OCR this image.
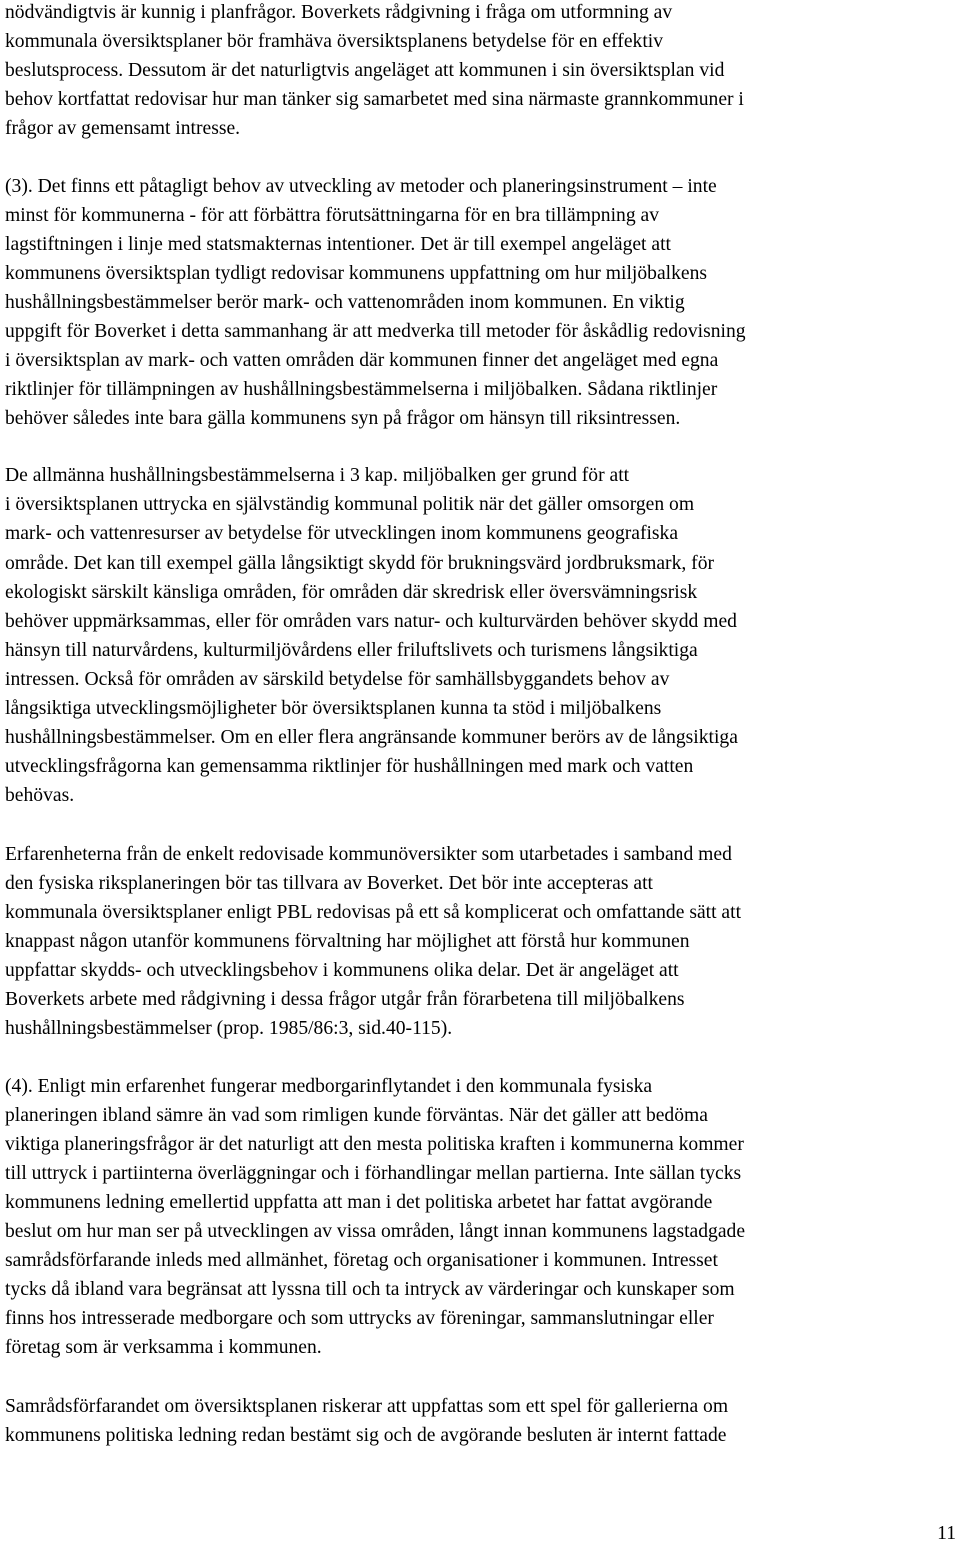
nödvändigtvis är kunnig i planfrågor. Boverkets rådgivning i fråga om utformning av
kommunala översiktsplaner bör framhäva översiktsplanens betydelse för en effektiv
beslutsprocess. Dessutom är det naturligtvis angeläget att kommunen i sin översiktsplan vid
behov kortfattat redovisar hur man tänker sig samarbetet med sina närmaste grannkommuner i
frågor av gemensamt intresse.
(3). Det finns ett påtagligt behov av utveckling av metoder och planeringsinstrument – inte
minst för kommunerna - för att förbättra förutsättningarna för en bra tillämpning av
lagstiftningen i linje med statsmakternas intentioner. Det är till exempel angeläget att
kommunens översiktsplan tydligt redovisar kommunens uppfattning om hur miljöbalkens
hushållningsbestämmelser berör mark- och vattenområden inom kommunen. En viktig
uppgift för Boverket i detta sammanhang är att medverka till metoder för åskådlig redovisning
i översiktsplan av mark- och vatten områden där kommunen finner det angeläget med egna
riktlinjer för tillämpningen av hushållningsbestämmelserna i miljöbalken. Sådana riktlinjer
behöver således inte bara gälla kommunens syn på frågor om hänsyn till riksintressen.
De allmänna hushållningsbestämmelserna i 3 kap. miljöbalken ger grund för att
i översiktsplanen uttrycka en självständig kommunal politik när det gäller omsorgen om
mark- och vattenresurser av betydelse för utvecklingen inom kommunens geografiska
område. Det kan till exempel gälla långsiktigt skydd för brukningsvärd jordbruksmark, för
ekologiskt särskilt känsliga områden, för områden där skredrisk eller översvämningsrisk
behöver uppmärksammas, eller för områden vars natur- och kulturvärden behöver skydd med
hänsyn till naturvårdens, kulturmiljövårdens eller friluftslivets och turismens långsiktiga
intressen. Också för områden av särskild betydelse för samhällsbyggandets behov av
långsiktiga utvecklingsmöjligheter bör översiktsplanen kunna ta stöd i miljöbalkens
hushållningsbestämmelser. Om en eller flera angränsande kommuner berörs av de långsiktiga
utvecklingsfrågorna kan gemensamma riktlinjer för hushållningen med mark och vatten
behövas.
Erfarenheterna från de enkelt redovisade kommunöversikter som utarbetades i samband med
den fysiska riksplaneringen bör tas tillvara av Boverket. Det bör inte accepteras att
kommunala översiktsplaner enligt PBL redovisas på ett så komplicerat och omfattande sätt att
knappast någon utanför kommunens förvaltning har möjlighet att förstå hur kommunen
uppfattar skydds- och utvecklingsbehov i kommunens olika delar. Det är angeläget att
Boverkets arbete med rådgivning i dessa frågor utgår från förarbetena till miljöbalkens
hushållningsbestämmelser (prop. 1985/86:3, sid.40-115).
(4). Enligt min erfarenhet fungerar medborgarinflytandet i den kommunala fysiska
planeringen ibland sämre än vad som rimligen kunde förväntas. När det gäller att bedöma
viktiga planeringsfrågor är det naturligt att den mesta politiska kraften i kommunerna kommer
till uttryck i partiinterna överläggningar och i förhandlingar mellan partierna. Inte sällan tycks
kommunens ledning emellertid uppfatta att man i det politiska arbetet har fattat avgörande
beslut om hur man ser på utvecklingen av vissa områden, långt innan kommunens lagstadgade
samrådsförfarande inleds med allmänhet, företag och organisationer i kommunen. Intresset
tycks då ibland vara begränsat att lyssna till och ta intryck av värderingar och kunskaper som
finns hos intresserade medborgare och som uttrycks av föreningar, sammanslutningar eller
företag som är verksamma i kommunen.
Samrådsförfarandet om översiktsplanen riskerar att uppfattas som ett spel för gallerierna om
kommunens politiska ledning redan bestämt sig och de avgörande besluten är internt fattade
11
